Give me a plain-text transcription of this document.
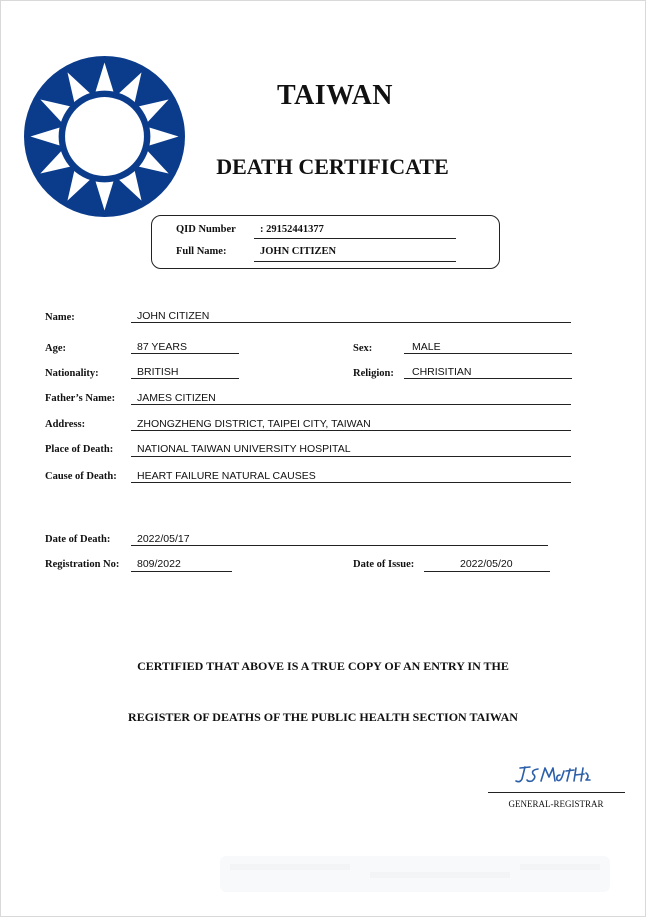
TAIWAN
DEATH CERTIFICATE
QID Number : 29152441377
Full Name:	JOHN CITIZEN
Name:	JOHN CITIZEN
Age:	87 YEARS	Sex:	MALE
Nationality:	BRITISH	Religion: CHRISITIAN
Father’s Name: JAMES CITIZEN
Address:	ZHONGZHENG DISTRICT, TAIPEI CITY, TAIWAN
Place of Death: NATIONAL TAIWAN UNIVERSITY HOSPITAL
Cause of Death: HEART FAILURE NATURAL CAUSES
Date of Death:	2022/05/17
Registration No: 809/2022	Date of Issue:	2022/05/20
CERTIFIED THAT ABOVE IS A TRUE COPY OF AN ENTRY IN THE
REGISTER OF DEATHS OF THE PUBLIC HEALTH SECTION TAIWAN
GENERAL-REGISTRAR
